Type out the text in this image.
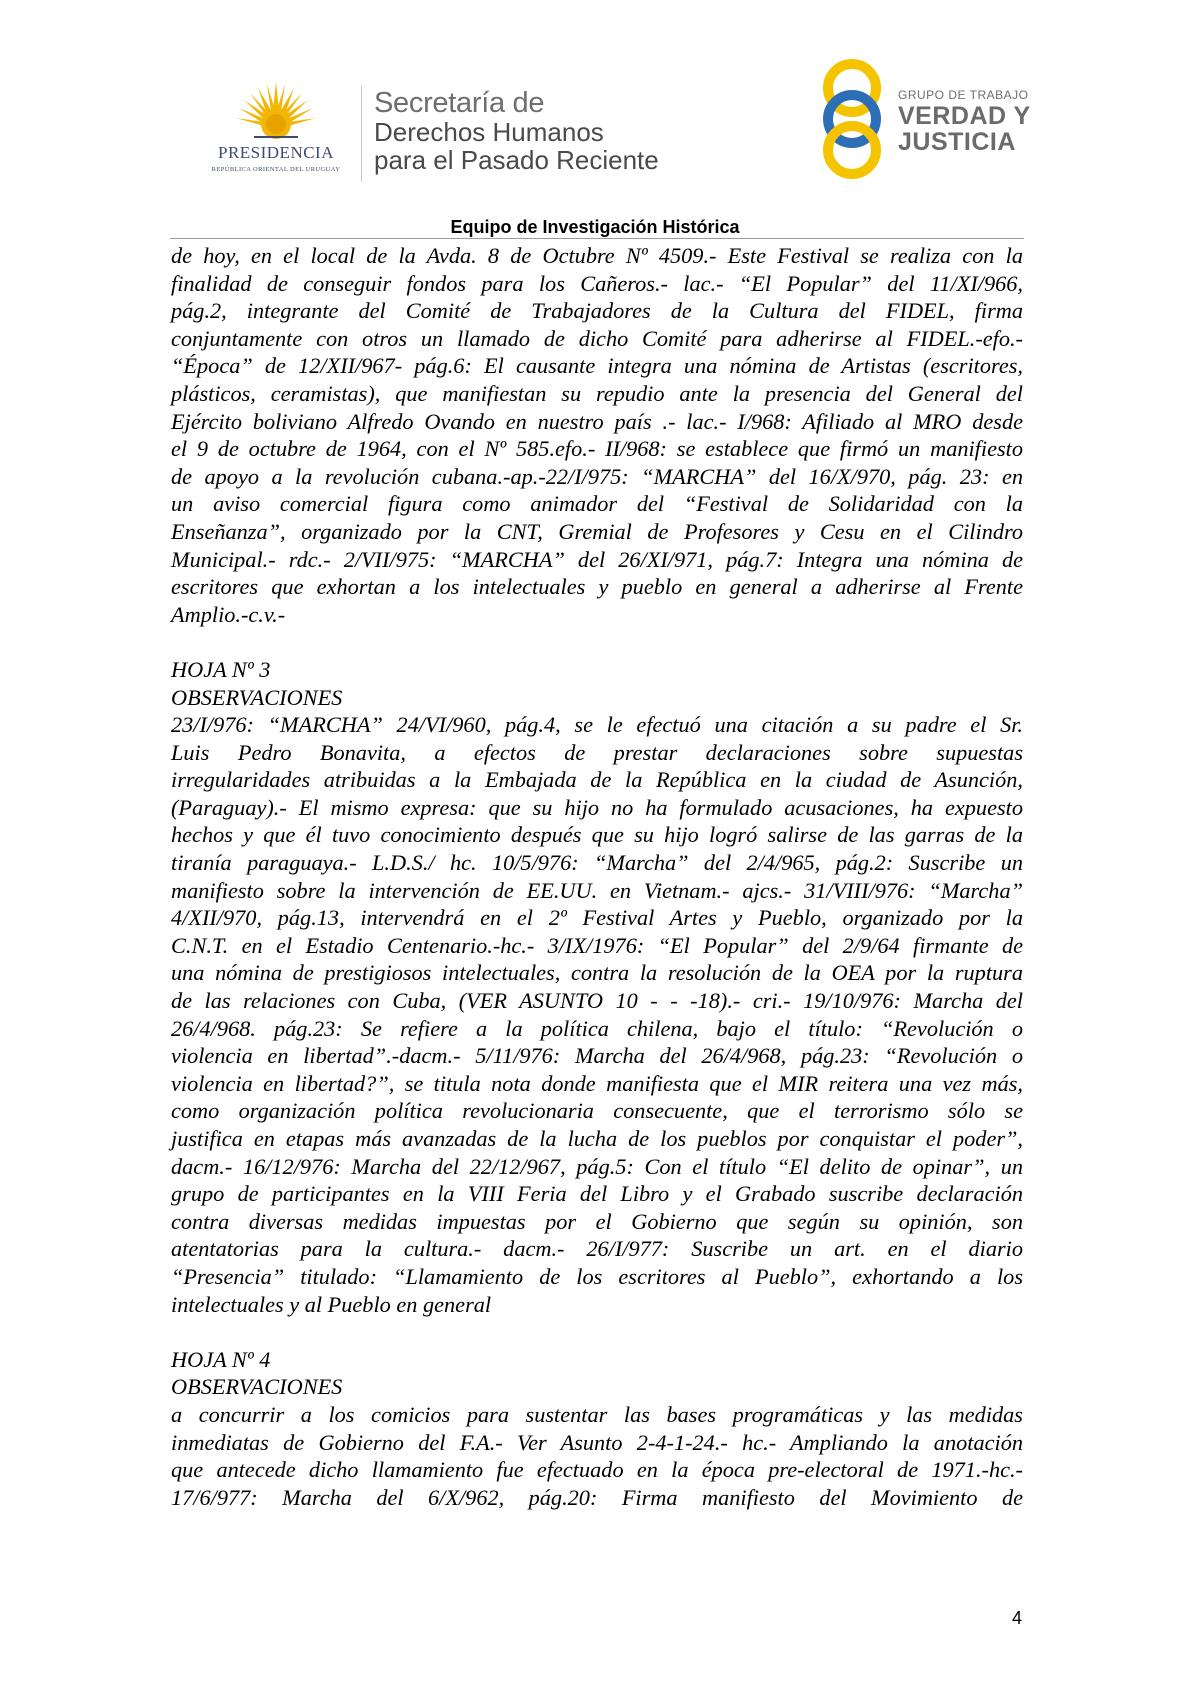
PRESIDENCIA
REPÚBLICA ORIENTAL DEL URUGUAY
Secretaría de
Derechos Humanos
para el Pasado Reciente
GRUPO DE TRABAJO
VERDAD Y
JUSTICIA
Equipo de Investigación Histórica
de hoy, en el local de la Avda. 8 de Octubre Nº 4509.- Este Festival se realiza con la
finalidad de conseguir fondos para los Cañeros.- lac.- “El Popular” del 11/XI/966,
pág.2, integrante del Comité de Trabajadores de la Cultura del FIDEL, firma
conjuntamente con otros un llamado de dicho Comité para adherirse al FIDEL.-efo.-
“Época” de 12/XII/967- pág.6: El causante integra una nómina de Artistas (escritores,
plásticos, ceramistas), que manifiestan su repudio ante la presencia del General del
Ejército boliviano Alfredo Ovando en nuestro país .- lac.- I/968: Afiliado al MRO desde
el 9 de octubre de 1964, con el Nº 585.efo.- II/968: se establece que firmó un manifiesto
de apoyo a la revolución cubana.-ap.-22/I/975: “MARCHA” del 16/X/970, pág. 23: en
un aviso comercial figura como animador del “Festival de Solidaridad con la
Enseñanza”, organizado por la CNT, Gremial de Profesores y Cesu en el Cilindro
Municipal.- rdc.- 2/VII/975: “MARCHA” del 26/XI/971, pág.7: Integra una nómina de
escritores que exhortan a los intelectuales y pueblo en general a adherirse al Frente
Amplio.-c.v.-
HOJA Nº 3
OBSERVACIONES
23/I/976: “MARCHA” 24/VI/960, pág.4, se le efectuó una citación a su padre el Sr.
Luis Pedro Bonavita, a efectos de prestar declaraciones sobre supuestas
irregularidades atribuidas a la Embajada de la República en la ciudad de Asunción,
(Paraguay).- El mismo expresa: que su hijo no ha formulado acusaciones, ha expuesto
hechos y que él tuvo conocimiento después que su hijo logró salirse de las garras de la
tiranía paraguaya.- L.D.S./ hc. 10/5/976: “Marcha” del 2/4/965, pág.2: Suscribe un
manifiesto sobre la intervención de EE.UU. en Vietnam.- ajcs.- 31/VIII/976: “Marcha”
4/XII/970, pág.13, intervendrá en el 2º Festival Artes y Pueblo, organizado por la
C.N.T. en el Estadio Centenario.-hc.- 3/IX/1976: “El Popular” del 2/9/64 firmante de
una nómina de prestigiosos intelectuales, contra la resolución de la OEA por la ruptura
de las relaciones con Cuba, (VER ASUNTO 10 - - -18).- cri.- 19/10/976: Marcha del
26/4/968. pág.23: Se refiere a la política chilena, bajo el título: “Revolución o
violencia en libertad”.-dacm.- 5/11/976: Marcha del 26/4/968, pág.23: “Revolución o
violencia en libertad?”, se titula nota donde manifiesta que el MIR reitera una vez más,
como organización política revolucionaria consecuente, que el terrorismo sólo se
justifica en etapas más avanzadas de la lucha de los pueblos por conquistar el poder”,
dacm.- 16/12/976: Marcha del 22/12/967, pág.5: Con el título “El delito de opinar”, un
grupo de participantes en la VIII Feria del Libro y el Grabado suscribe declaración
contra diversas medidas impuestas por el Gobierno que según su opinión, son
atentatorias para la cultura.- dacm.- 26/I/977: Suscribe un art. en el diario
“Presencia” titulado: “Llamamiento de los escritores al Pueblo”, exhortando a los
intelectuales y al Pueblo en general
HOJA Nº 4
OBSERVACIONES
a concurrir a los comicios para sustentar las bases programáticas y las medidas
inmediatas de Gobierno del F.A.- Ver Asunto 2-4-1-24.- hc.- Ampliando la anotación
que antecede dicho llamamiento fue efectuado en la época pre-electoral de 1971.-hc.-
17/6/977: Marcha del 6/X/962, pág.20: Firma manifiesto del Movimiento de
4
